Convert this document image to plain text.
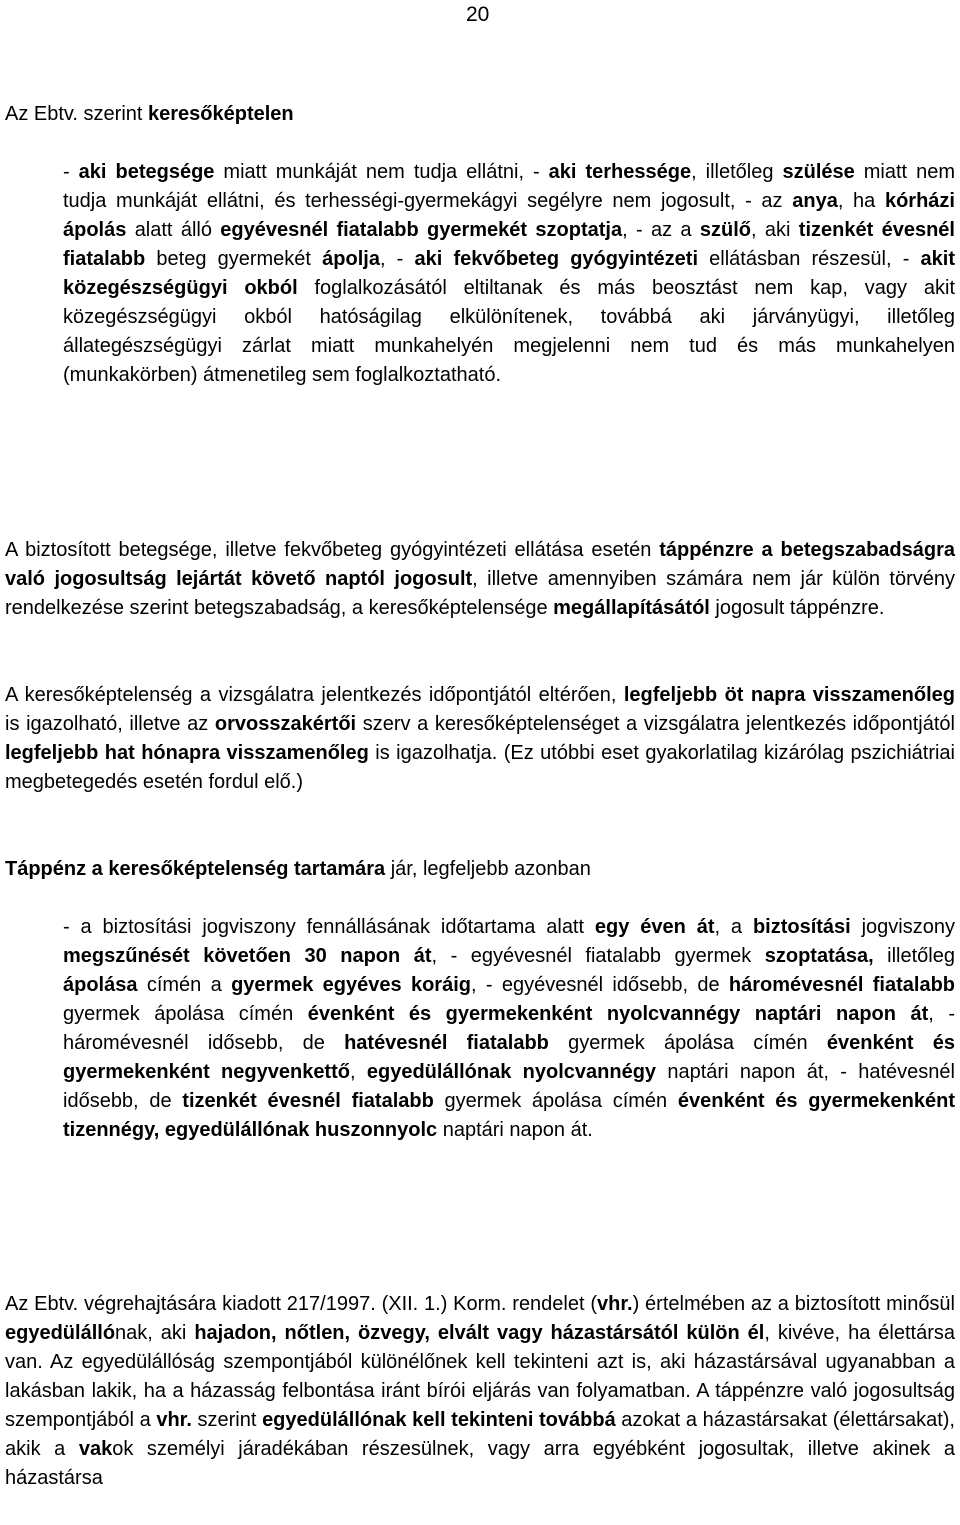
20

Az Ebtv. szerint keresőképtelen

- aki betegsége miatt munkáját nem tudja ellátni, - aki terhessége, illetőleg szülése miatt nem tudja munkáját ellátni, és terhességi-gyermekágyi segélyre nem jogosult, - az anya, ha kórházi ápolás alatt álló egyévesnél fiatalabb gyermekét szoptatja, - az a szülő, aki tizenkét évesnél fiatalabb beteg gyermekét ápolja, - aki fekvőbeteg gyógyintézeti ellátásban részesül, - akit közegészségügyi okból foglalkozásától eltiltanak és más beosztást nem kap, vagy akit közegészségügyi okból hatóságilag elkülönítenek, továbbá aki járványügyi, illetőleg állategészségügyi zárlat miatt munkahelyén megjelenni nem tud és más munkahelyen (munkakörben) átmenetileg sem foglalkoztatható.

A biztosított betegsége, illetve fekvőbeteg gyógyintézeti ellátása esetén táppénzre a betegszabadságra való jogosultság lejártát követő naptól jogosult, illetve amennyiben számára nem jár külön törvény rendelkezése szerint betegszabadság, a keresőképtelensége megállapításától jogosult táppénzre.

A keresőképtelenség a vizsgálatra jelentkezés időpontjától eltérően, legfeljebb öt napra visszamenőleg is igazolható, illetve az orvosszakértői szerv a keresőképtelenséget a vizsgálatra jelentkezés időpontjától legfeljebb hat hónapra visszamenőleg is igazolhatja. (Ez utóbbi eset gyakorlatilag kizárólag pszichiátriai megbetegedés esetén fordul elő.)

Táppénz a keresőképtelenség tartamára jár, legfeljebb azonban

- a biztosítási jogviszony fennállásának időtartama alatt egy éven át, a biztosítási jogviszony megszűnését követően 30 napon át, - egyévesnél fiatalabb gyermek szoptatása, illetőleg ápolása címén a gyermek egyéves koráig, - egyévesnél idősebb, de háromévesnél fiatalabb gyermek ápolása címén évenként és gyermekenként nyolcvannégy naptári napon át, - háromévesnél idősebb, de hatévesnél fiatalabb gyermek ápolása címén évenként és gyermekenként negyvenkettő, egyedülállónak nyolcvannégy naptári napon át, - hatévesnél idősebb, de tizenkét évesnél fiatalabb gyermek ápolása címén évenként és gyermekenként tizennégy, egyedülállónak huszonnyolc naptári napon át.

Az Ebtv. végrehajtására kiadott 217/1997. (XII. 1.) Korm. rendelet (vhr.) értelmében az a biztosított minősül egyedülállónak, aki hajadon, nőtlen, özvegy, elvált vagy házastársától külön él, kivéve, ha élettársa van. Az egyedülállóság szempontjából különélőnek kell tekinteni azt is, aki házastársával ugyanabban a lakásban lakik, ha a házasság felbontása iránt bírói eljárás van folyamatban. A táppénzre való jogosultság szempontjából a vhr. szerint egyedülállónak kell tekinteni továbbá azokat a házastársakat (élettársakat), akik a vakok személyi járadékában részesülnek, vagy arra egyébként jogosultak, illetve akinek a házastársa
